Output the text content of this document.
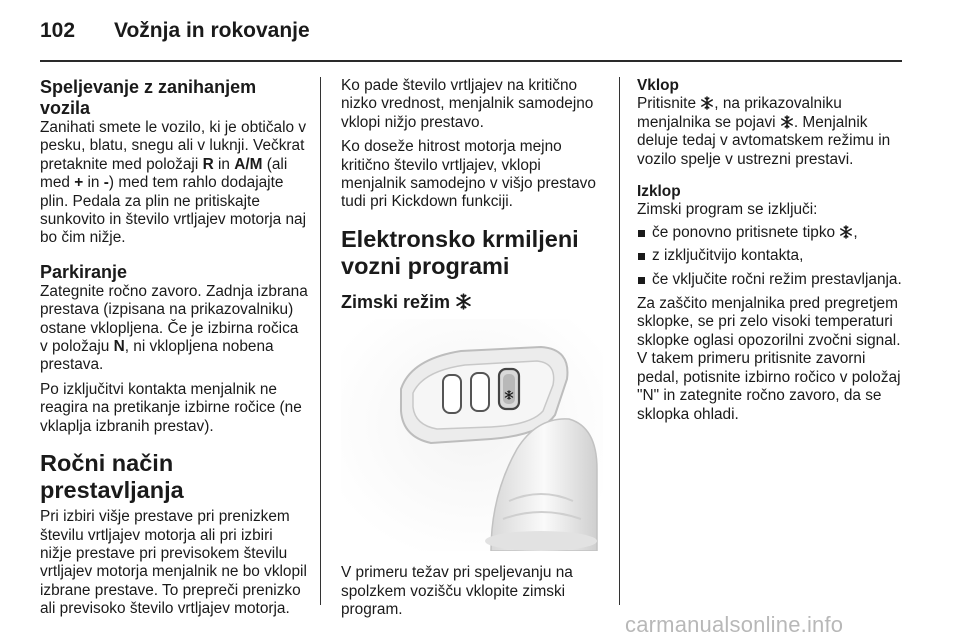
102 Vožnja in rokovanje
Speljevanje z zanihanjem vozila

Zanihati smete le vozilo, ki je obtičalo v pesku, blatu, snegu ali v luknji. Večkrat pretaknite med položaji R in A/M (ali med + in -) med tem rahlo dodajajte plin. Pedala za plin ne pritiskajte sunkovito in število vrtljajev motorja naj bo čim nižje.

Parkiranje

Zategnite ročno zavoro. Zadnja izbrana prestava (izpisana na prikazovalniku) ostane vklopljena. Če je izbirna ročica v položaju N, ni vklopljena nobena prestava.

Po izključitvi kontakta menjalnik ne reagira na pretikanje izbirne ročice (ne vklaplja izbranih prestav).

Ročni način prestavljanja

Pri izbiri višje prestave pri prenizkem številu vrtljajev motorja ali pri izbiri nižje prestave pri previsokem številu vrtljajev motorja menjalnik ne bo vklopil izbrane prestave. To prepreči prenizko ali previsoko število vrtljajev motorja.

Ko pade število vrtljajev na kritično nizko vrednost, menjalnik samodejno vklopi nižjo prestavo.

Ko doseže hitrost motorja mejno kritično število vrtljajev, vklopi menjalnik samodejno v višjo prestavo tudi pri Kickdown funkciji.

Elektronsko krmiljeni vozni programi
Zimski režim

V primeru težav pri speljevanju na spolzkem vozišču vklopite zimski program.

Vklop

Pritisnite , na prikazovalniku menjalnika se pojavi . Menjalnik deluje tedaj v avtomatskem režimu in vozilo spelje v ustrezni prestavi.

Izklop

Zimski program se izključi:

če ponovno pritisnete tipko ,
z izključitvijo kontakta,
če vključite ročni režim prestavljanja.

Za zaščito menjalnika pred pregretjem sklopke, se pri zelo visoki temperaturi sklopke oglasi opozorilni zvočni signal. V takem primeru pritisnite zavorni pedal, potisnite izbirno ročico v položaj "N" in zategnite ročno zavoro, da se sklopka ohladi.

carmanualsonline.info
